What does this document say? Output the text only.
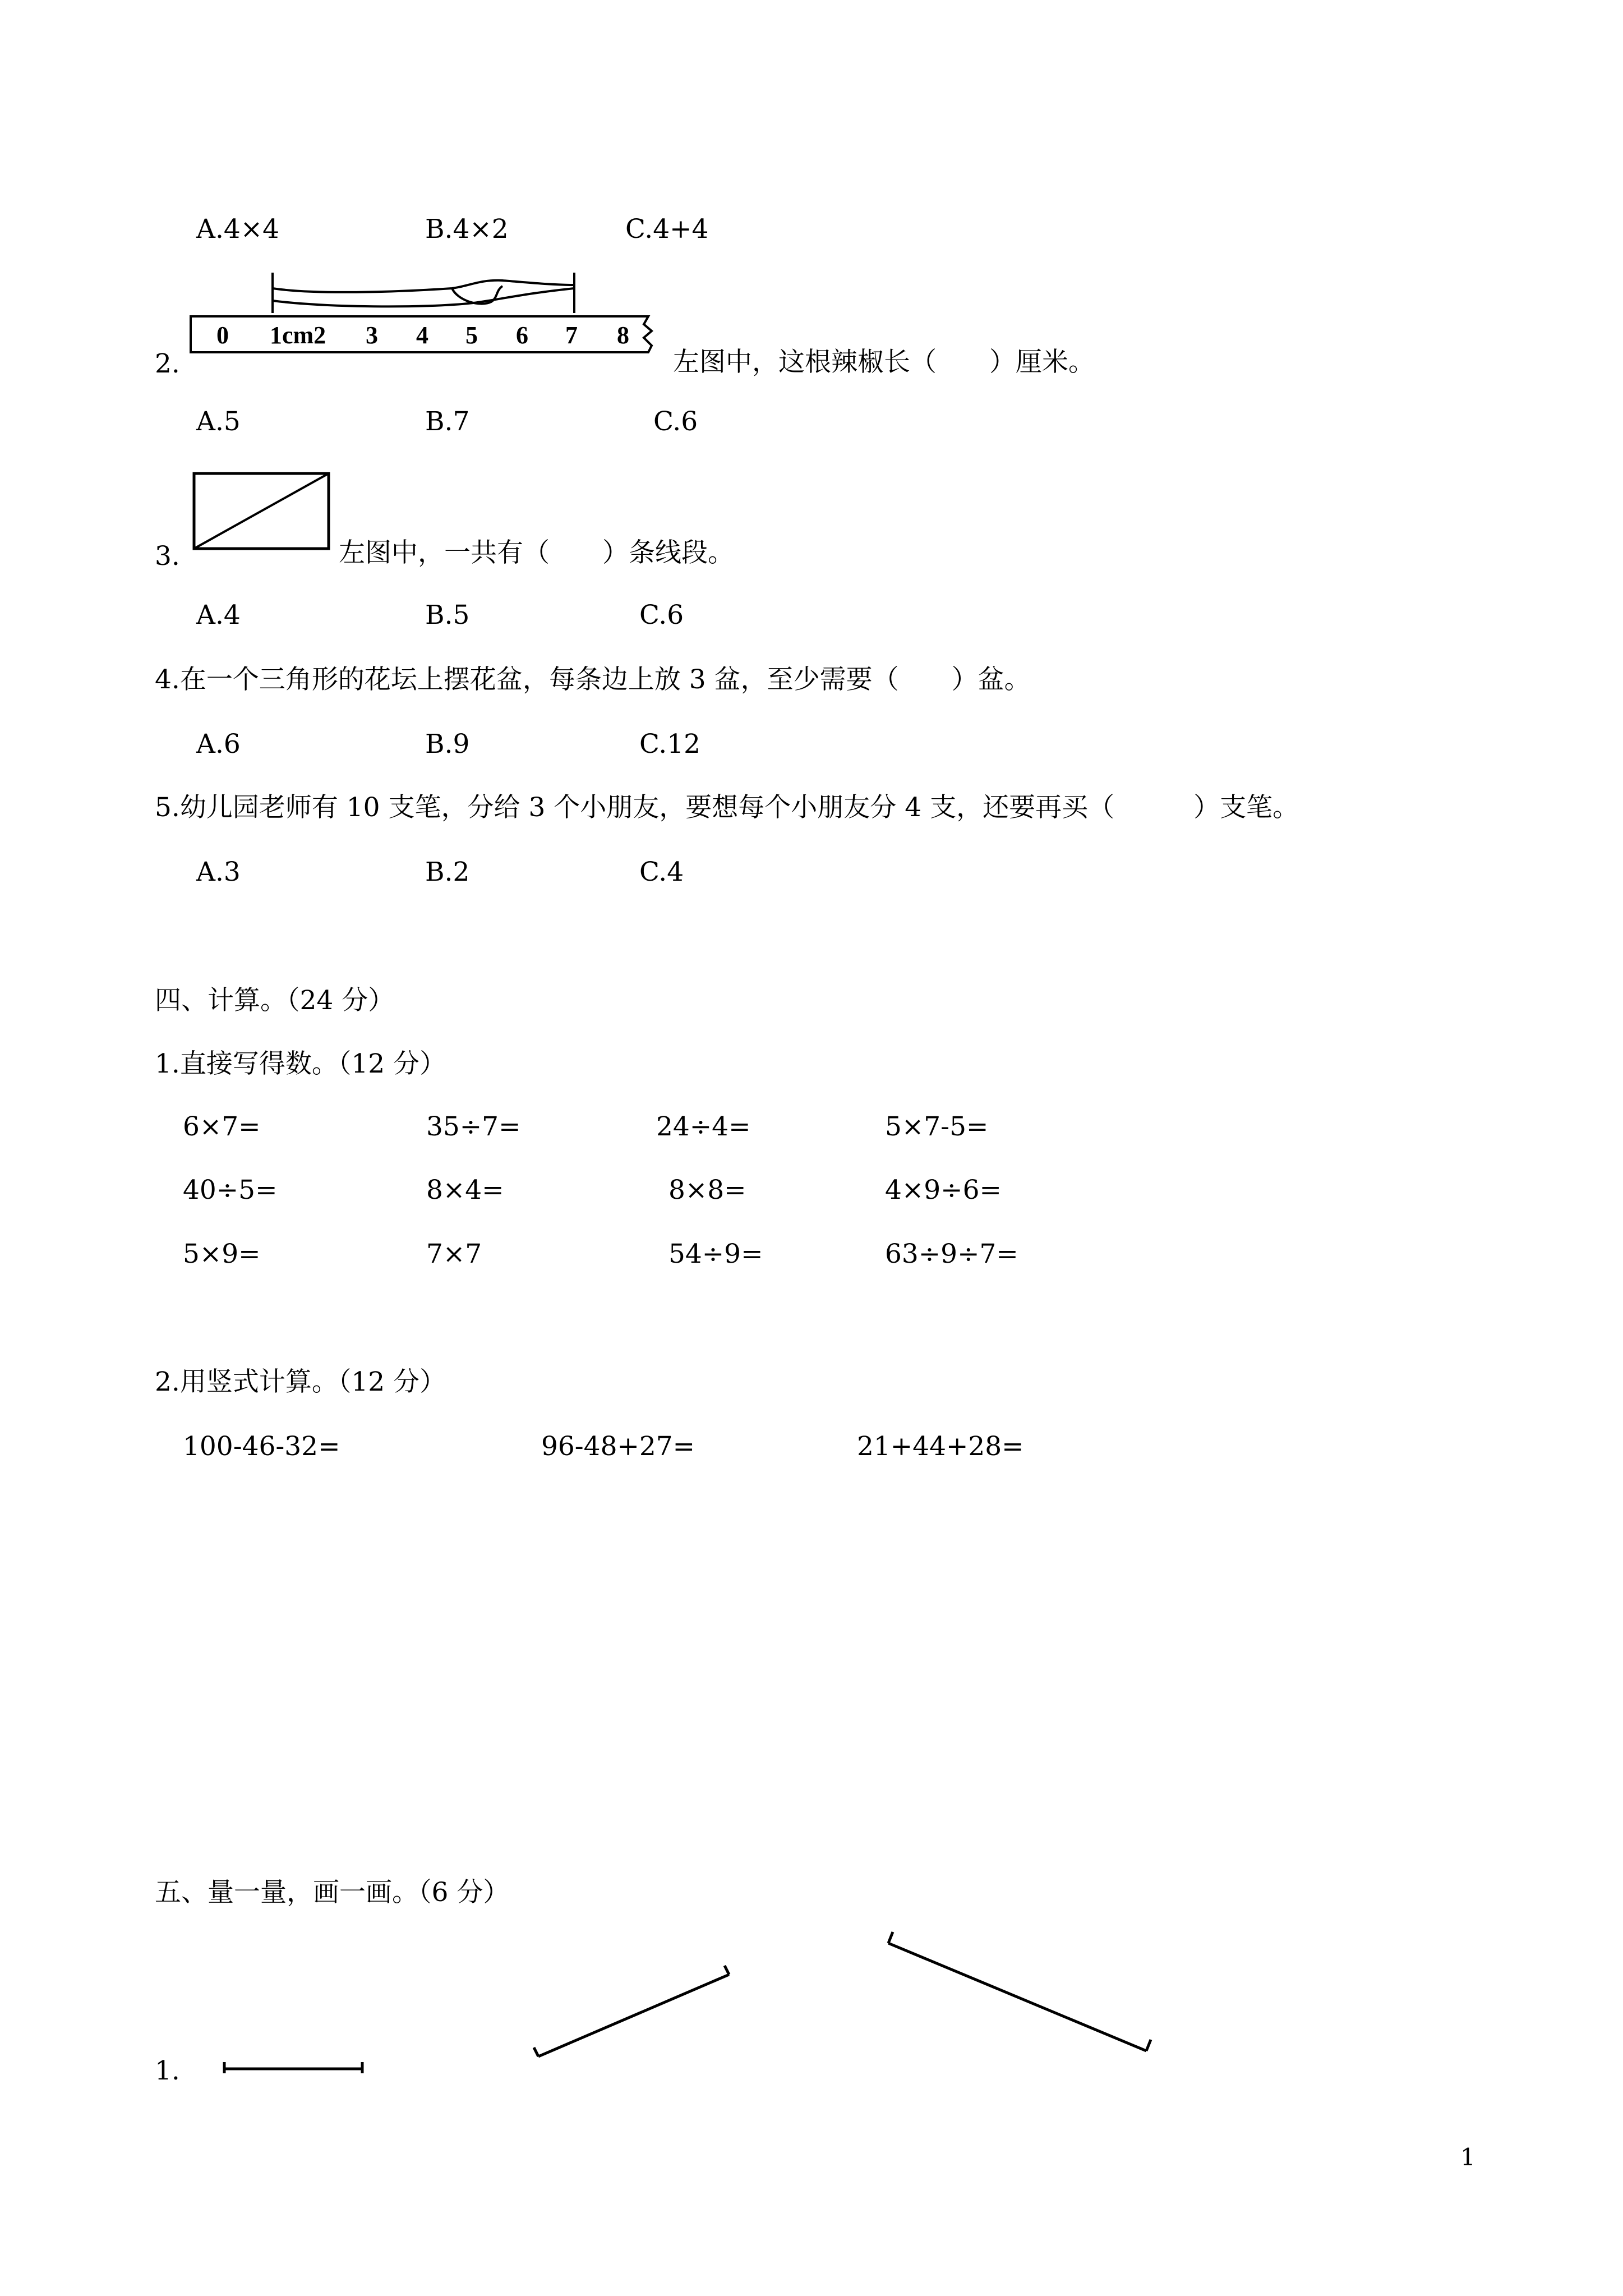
A.4×4	B.4×2	C.4+4
2.
0 1cm2 3 4 5 6 7 8
左图中，这根辣椒长（　　）厘米。
A.5	B.7	C.6
3.	左图中，一共有（　　）条线段。
A.4	B.5	C.6
4.在一个三角形的花坛上摆花盆，每条边上放 3 盆，至少需要（　　）盆。
A.6	B.9	C.12
5.幼儿园老师有 10 支笔，分给 3 个小朋友，要想每个小朋友分 4 支，还要再买（　　　）支笔。
A.3	B.2	C.4
四、计算。（24 分）
1.直接写得数。（12 分）
6×7=	35÷7=	24÷4=	5×7-5=
40÷5=	8×4=	8×8=	4×9÷6=
5×9=	7×7	54÷9=	63÷9÷7=
2.用竖式计算。（12 分）
100-46-32=	96-48+27=	21+44+28=
五、量一量，画一画。（6 分）
1.
1
